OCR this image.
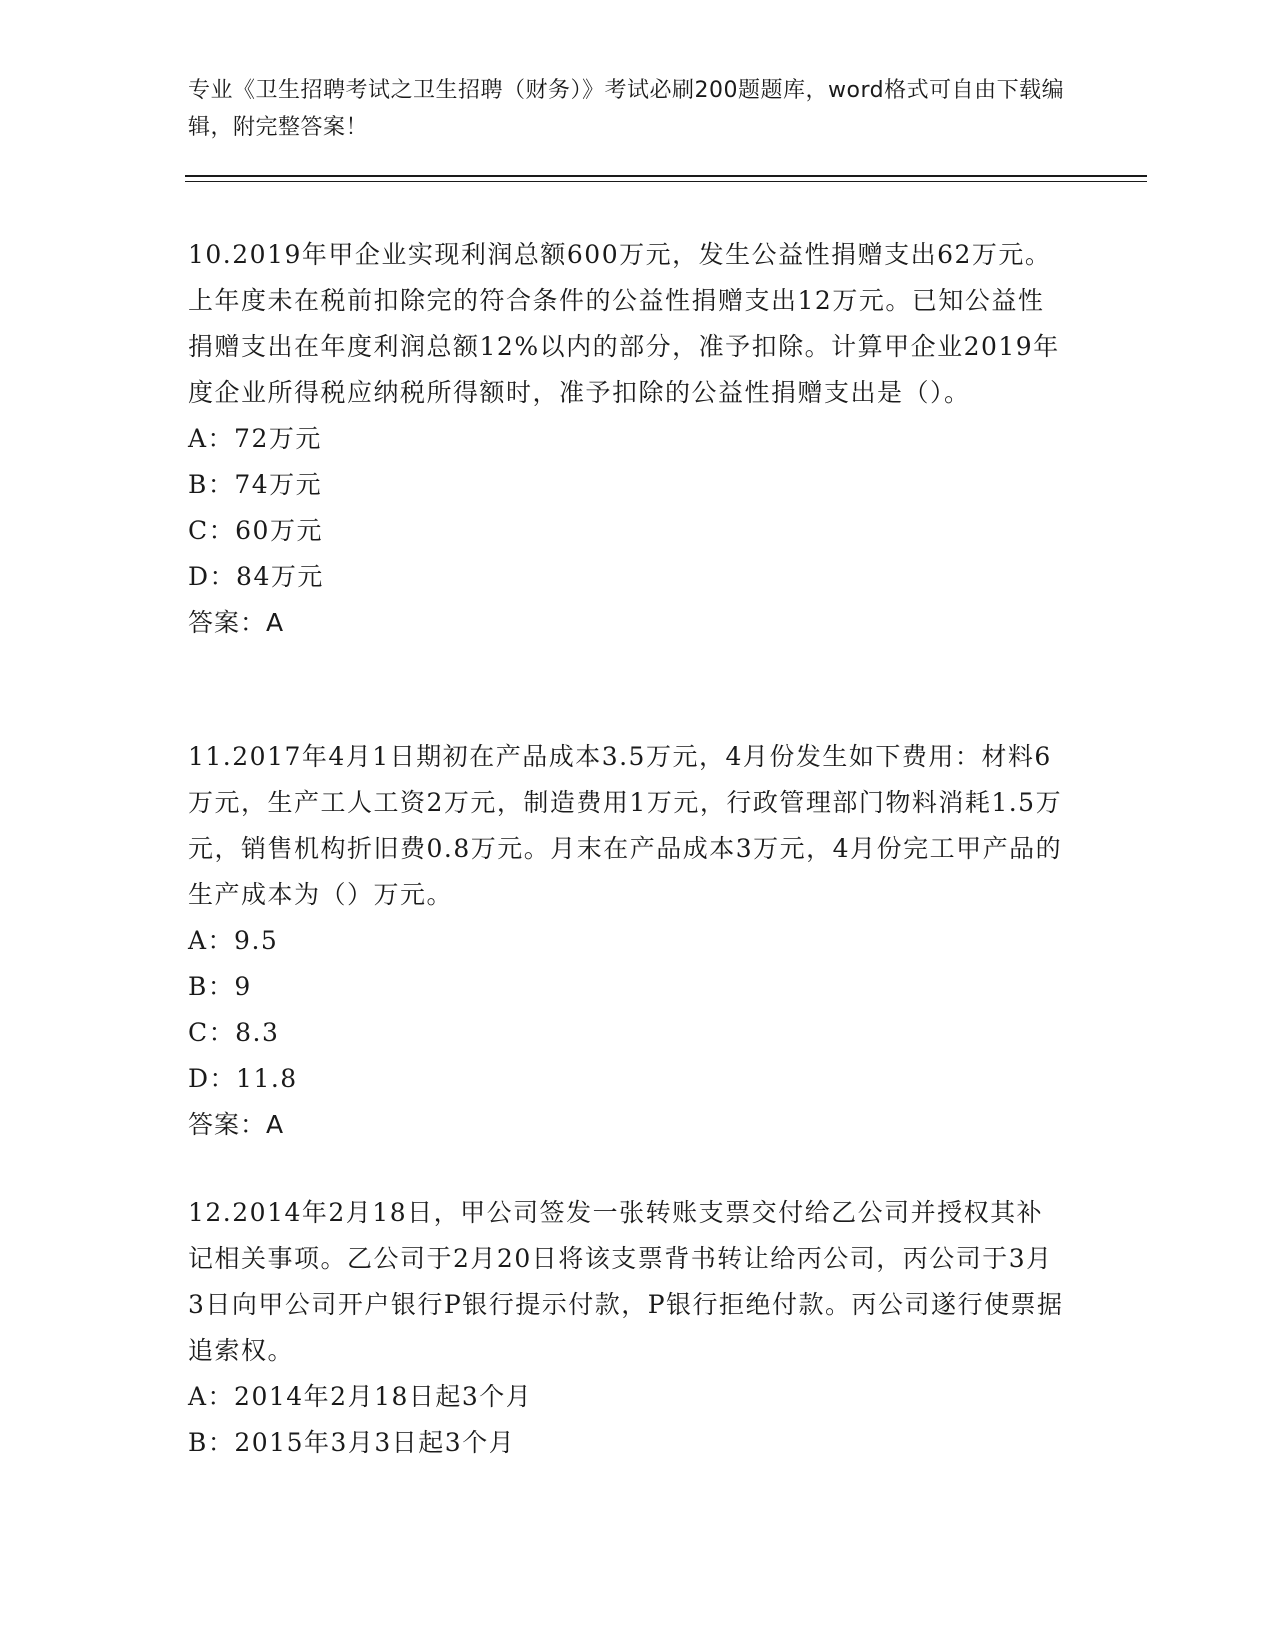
专业《卫生招聘考试之卫生招聘（财务）》考试必刷200题题库，word格式可自由下载编辑，附完整答案！

10.2019年甲企业实现利润总额600万元，发生公益性捐赠支出62万元。上年度未在税前扣除完的符合条件的公益性捐赠支出12万元。已知公益性捐赠支出在年度利润总额12%以内的部分，准予扣除。计算甲企业2019年度企业所得税应纳税所得额时，准予扣除的公益性捐赠支出是（）。

A：72万元

B：74万元

C：60万元

D：84万元

答案：A

11.2017年4月1日期初在产品成本3.5万元，4月份发生如下费用：材料6万元，生产工人工资2万元，制造费用1万元，行政管理部门物料消耗1.5万元，销售机构折旧费0.8万元。月末在产品成本3万元，4月份完工甲产品的生产成本为（）万元。

A：9.5

B：9

C：8.3

D：11.8

答案：A

12.2014年2月18日，甲公司签发一张转账支票交付给乙公司并授权其补记相关事项。乙公司于2月20日将该支票背书转让给丙公司，丙公司于3月3日向甲公司开户银行P银行提示付款，P银行拒绝付款。丙公司遂行使票据追索权。

A：2014年2月18日起3个月

B：2015年3月3日起3个月
